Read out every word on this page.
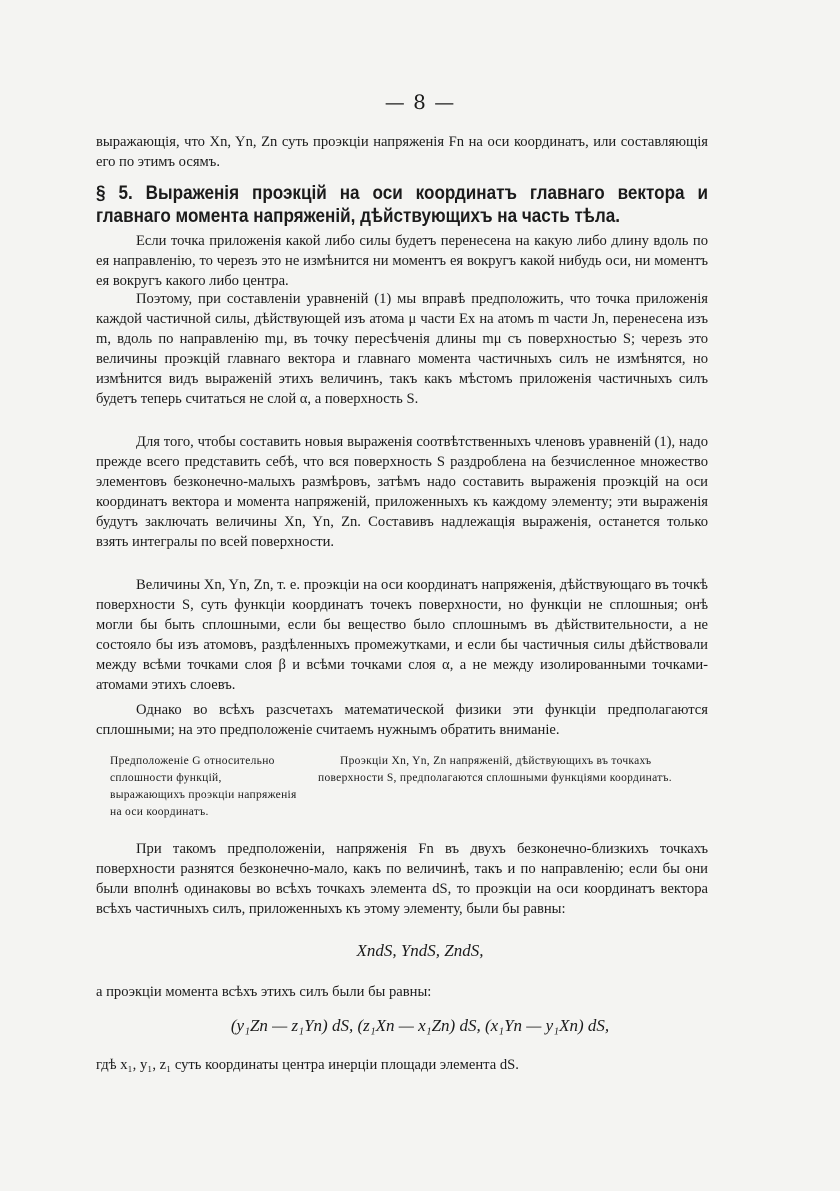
— 8 —
выражающія, что Xn, Yn, Zn суть проэкціи напряженія Fn на оси координатъ, или составляющія его по этимъ осямъ.
§ 5. Выраженія проэкцій на оси координатъ главнаго вектора и главнаго момента напряженій, дѣйствующихъ на часть тѣла.
Если точка приложенія какой либо силы будетъ перенесена на какую либо длину вдоль по ея направленію, то черезъ это не измѣнится ни моментъ ея вокругъ какой нибудь оси, ни моментъ ея вокругъ какого либо центра.
Поэтому, при составленіи уравненій (1) мы вправѣ предположить, что точка приложенія каждой частичной силы, дѣйствующей изъ атома μ части Ex на атомъ m части Jn, перенесена изъ m, вдоль по направленію mμ, въ точку пересѣченія длины mμ съ поверхностью S; черезъ это величины проэкцій главнаго вектора и главнаго момента частичныхъ силъ не измѣнятся, но измѣнится видъ выраженій этихъ величинъ, такъ какъ мѣстомъ приложенія частичныхъ силъ будетъ теперь считаться не слой α, а поверхность S.
Для того, чтобы составить новыя выраженія соотвѣтственныхъ членовъ уравненій (1), надо прежде всего представить себѣ, что вся поверхность S раздроблена на безчисленное множество элементовъ безконечно-малыхъ размѣровъ, затѣмъ надо составить выраженія проэкцій на оси координатъ вектора и момента напряженій, приложенныхъ къ каждому элементу; эти выраженія будутъ заключать величины Xn, Yn, Zn. Составивъ надлежащія выраженія, останется только взять интегралы по всей поверхности.
Величины Xn, Yn, Zn, т. е. проэкціи на оси координатъ напряженія, дѣйствующаго въ точкѣ поверхности S, суть функціи координатъ точекъ поверхности, но функціи не сплошныя; онѣ могли бы быть сплошными, если бы вещество было сплошнымъ въ дѣйствительности, а не состояло бы изъ атомовъ, раздѣленныхъ промежутками, и если бы частичныя силы дѣйствовали между всѣми точками слоя β и всѣми точками слоя α, а не между изолированными точками-атомами этихъ слоевъ.
Однако во всѣхъ разсчетахъ математической физики эти функціи предполагаются сплошными; на это предположеніе считаемъ нужнымъ обратить вниманіе.
Предположеніе G относительно сплошности функцій, выражающихъ проэкціи напряженія на оси координатъ.
Проэкціи Xn, Yn, Zn напряженій, дѣйствующихъ въ точкахъ поверхности S, предполагаются сплошными функціями координатъ.
При такомъ предположеніи, напряженія Fn въ двухъ безконечно-близкихъ точкахъ поверхности разнятся безконечно-мало, какъ по величинѣ, такъ и по направленію; если бы они были вполнѣ одинаковы во всѣхъ точкахъ элемента dS, то проэкціи на оси координатъ вектора всѣхъ частичныхъ силъ, приложенныхъ къ этому элементу, были бы равны:
XndS, YndS, ZndS,
а проэкціи момента всѣхъ этихъ силъ были бы равны:
(y₁Zn — z₁Yn) dS, (z₁Xn — x₁Zn) dS, (x₁Yn — y₁Xn) dS,
гдѣ x₁, y₁, z₁ суть координаты центра инерціи площади элемента dS.
